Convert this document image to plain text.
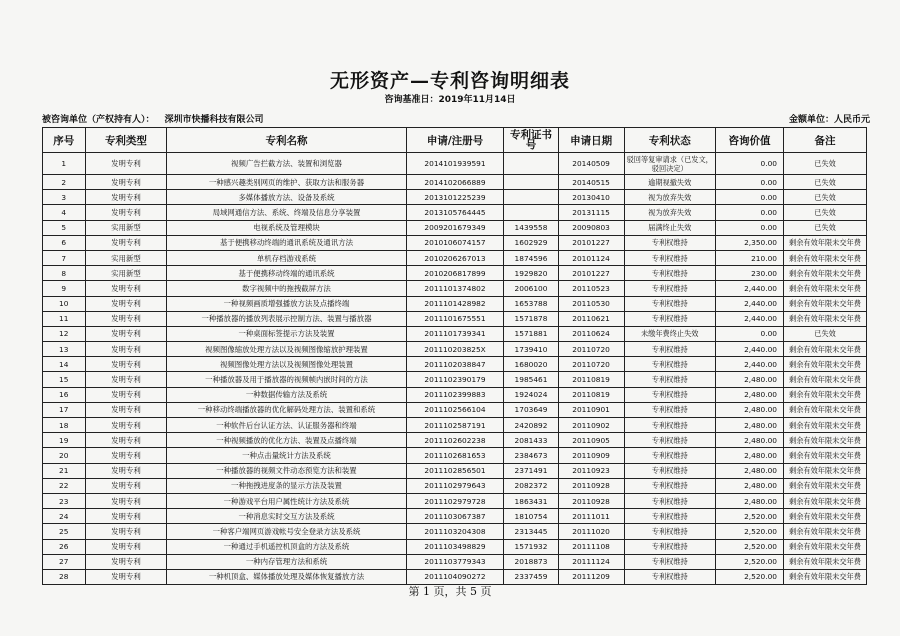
无形资产—专利咨询明细表
咨询基准日：2019年11月14日
被咨询单位（产权持有人）： 深圳市快播科技有限公司	金额单位：人民币元
序号	专利类型	专利名称	申请/注册号	专利证书号	申请日期	专利状态	咨询价值	备注
1	发明专利	视频广告拦截方法、装置和浏览器	2014101939591		20140509	驳回等复审请求（已发文，驳回决定）	0.00	已失效
2	发明专利	一种感兴趣类别网页的维护、获取方法和服务器	2014102066889		20140515	逾期视撤失效	0.00	已失效
3	发明专利	多媒体播放方法、设备及系统	2013101225239		20130410	视为放弃失效	0.00	已失效
4	发明专利	局域网通信方法、系统、终端及信息分享装置	2013105764445		20131115	视为放弃失效	0.00	已失效
5	实用新型	电视系统及管理模块	2009201679349	1439558	20090803	届满终止失效	0.00	已失效
6	发明专利	基于便携移动终端的通讯系统及通讯方法	2010106074157	1602929	20101227	专利权维持	2,350.00	剩余有效年限未交年费
7	实用新型	单机存档游戏系统	2010206267013	1874596	20101124	专利权维持	210.00	剩余有效年限未交年费
8	实用新型	基于便携移动终端的通讯系统	2010206817899	1929820	20101227	专利权维持	230.00	剩余有效年限未交年费
9	发明专利	数字视频中的拖拽截屏方法	2011101374802	2006100	20110523	专利权维持	2,440.00	剩余有效年限未交年费
10	发明专利	一种视频画质增强播放方法及点播终端	2011101428982	1653788	20110530	专利权维持	2,440.00	剩余有效年限未交年费
11	发明专利	一种播放器的播放列表展示控制方法、装置与播放器	2011101675551	1571878	20110621	专利权维持	2,440.00	剩余有效年限未交年费
12	发明专利	一种桌面标签提示方法及装置	2011101739341	1571881	20110624	未缴年费终止失效	0.00	已失效
13	发明专利	视频图像缩放处理方法以及视频图像缩放护理装置	201110203825X	1739410	20110720	专利权维持	2,440.00	剩余有效年限未交年费
14	发明专利	视频图像处理方法以及视频图像处理装置	2011102038847	1680020	20110720	专利权维持	2,440.00	剩余有效年限未交年费
15	发明专利	一种播放器及用于播放器的视频帧内嵌时间的方法	2011102390179	1985461	20110819	专利权维持	2,480.00	剩余有效年限未交年费
16	发明专利	一种数据传输方法及系统	2011102399883	1924024	20110819	专利权维持	2,480.00	剩余有效年限未交年费
17	发明专利	一种移动终端播放器的优化解码处理方法、装置和系统	2011102566104	1703649	20110901	专利权维持	2,480.00	剩余有效年限未交年费
18	发明专利	一种软件后台认证方法、认证服务器和终端	2011102587191	2420892	20110902	专利权维持	2,480.00	剩余有效年限未交年费
19	发明专利	一种视频播放的优化方法、装置及点播终端	2011102602238	2081433	20110905	专利权维持	2,480.00	剩余有效年限未交年费
20	发明专利	一种点击量统计方法及系统	2011102681653	2384673	20110909	专利权维持	2,480.00	剩余有效年限未交年费
21	发明专利	一种播放器的视频文件动态预览方法和装置	2011102856501	2371491	20110923	专利权维持	2,480.00	剩余有效年限未交年费
22	发明专利	一种拖拽进度条的显示方法及装置	2011102979643	2082372	20110928	专利权维持	2,480.00	剩余有效年限未交年费
23	发明专利	一种游戏平台用户属性统计方法及系统	2011102979728	1863431	20110928	专利权维持	2,480.00	剩余有效年限未交年费
24	发明专利	一种消息实时交互方法及系统	2011103067387	1810754	20111011	专利权维持	2,520.00	剩余有效年限未交年费
25	发明专利	一种客户端网页游戏帐号安全登录方法及系统	2011103204308	2313445	20111020	专利权维持	2,520.00	剩余有效年限未交年费
26	发明专利	一种通过手机遥控机顶盒的方法及系统	2011103498829	1571932	20111108	专利权维持	2,520.00	剩余有效年限未交年费
27	发明专利	一种内存管理方法和系统	2011103779343	2018873	20111124	专利权维持	2,520.00	剩余有效年限未交年费
28	发明专利	一种机顶盒、媒体播放处理及媒体恢复播放方法	2011104090272	2337459	20111209	专利权维持	2,520.00	剩余有效年限未交年费
第 1 页，共 5 页
